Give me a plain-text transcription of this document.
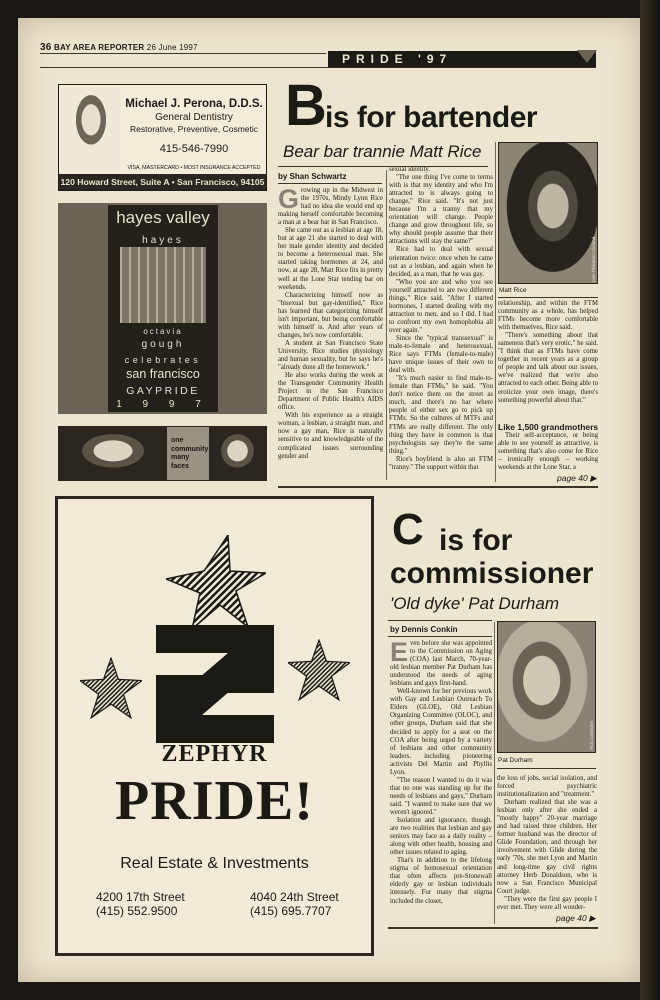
36 BAY AREA REPORTER 26 June 1997
PRIDE '97
Michael J. Perona, D.D.S.
General Dentistry
Restorative, Preventive, Cosmetic
415-546-7990
VISA, MASTERCARD • MOST INSURANCE ACCEPTED
120 Howard Street, Suite A • San Francisco, 94105
hayes valley
hayes
octavia
gough
celebrates
san francisco
GAYPRIDE
1 9 9 7
one
community
many
faces
B
is for bartender
Bear bar trannie Matt Rice
by Shan Schwartz
G rowing up in the Midwest in the 1970s, Mindy Lynn Rice had no idea she would end up making herself comfortable becoming a man at a bear bar in San Francisco.

She came out as a lesbian at age 18, but at age 21 she started to deal with her male gender identity and decided to become a heterosexual man. She started taking hormones at 24, and now, at age 28, Matt Rice fits in pretty well at the Lone Star tending bar on weekends.

Characterizing himself now as "bisexual but gay-identified," Rice has learned that categorizing himself isn't important, but being comfortable with himself is. And after years of changes, he's now comfortable.

A student at San Francisco State University, Rice studies physiology and human sexuality, but he says he's "already done all the homework."

He also works during the week at the Transgender Community Health Project in the San Francisco Department of Public Health's AIDS office.

With his experience as a straight woman, a lesbian, a straight man, and now a gay man, Rice is naturally sensitive to and knowledgeable of the complicated issues surrounding gender and

sexual identity.

"The one thing I've come to terms with is that my identity and who I'm attracted to is always going to change," Rice said. "It's not just because I'm a tranny that my orientation will change. People change and grow throughout life, so why should people assume that their attractions will stay the same?"

Rice had to deal with sexual orientation twice: once when he came out as a lesbian, and again when he decided, as a man, that he was gay.

"Who you are and who you see yourself attracted to are two different things," Rice said. "After I started hormones, I started dealing with my attraction to men, and so I did. I had to confront my own homophobia all over again."

Since the "typical transsexual" is male-to-female and heterosexual, Rice says FTMs (female-to-male) have unique issues of their own to deal with.

"It's much easier to find male-to-female than FTMs," he said. "You don't notice them on the street as much, and there's no bar where people of either sex go to pick up FTMs. So the cultures of MTFs and FTMs are really different. The only thing they have in common is that psychologists say they're the same thing."

Rice's boyfriend is also an FTM "tranny." The support within that

Jane Philomen Cleland
Matt Rice

relationship, and within the FTM community as a whole, has helped FTMs become more comfortable with themselves, Rice said.

"There's something about that sameness that's very erotic," he said. "I think that as FTMs have come together in recent years as a group of people and talk about our issues, we've realized that we're also attracted to each other. Being able to eroticize your own image, there's something powerful about that."

Like 1,500 grandmothers

Their self-acceptance, or being able to see yourself as attractive, is something that's also come for Rice – ironically enough – working weekends at the Lone Star, a

page 40 ▶
ZEPHYR
PRIDE!
Real Estate & Investments
4200 17th Street
(415) 552.9500
4040 24th Street
(415) 695.7707
C is for
commissioner
'Old dyke' Pat Durham
by Dennis Conkin
E ven before she was appointed to the Commission on Aging (COA) last March, 70-year-old lesbian member Pat Durham has understood the needs of aging lesbians and gays first-hand.

Well-known for her previous work with Gay and Lesbian Outreach To Elders (GLOE), Old Lesbian Organizing Committee (OLOC), and other groups, Durham said that she decided to apply for a seat on the COA after being urged by a variety of lesbians and other community leaders, including pioneering activists Del Martin and Phyllis Lyon.

"The reason I wanted to do it was that no one was standing up for the needs of lesbians and gays," Durham said. "I wanted to make sure that we weren't ignored."

Isolation and ignorance, though, are two realities that lesbian and gay seniors may face as a daily reality – along with other health, housing and other issues related to aging.

That's in addition to the lifelong stigma of homosexual orientation that often affects pre-Stonewall elderly gay or lesbian individuals intensely. For many that stigma included the closet,

Rick Gerharter
Pat Durham

the loss of jobs, social isolation, and forced psychiatric institutionalization and "treatment."

Durham realized that she was a lesbian only after she ended a "mostly happy" 20-year marriage and had raised three children. Her former husband was the director of Glide Foundation, and through her involvement with Glide during the early '70s, she met Lyon and Martin and long-time gay civil rights attorney Herb Donaldson, who is now a San Francisco Municipal Court judge.

"They were the first gay people I ever met. They were all wonder-

page 40 ▶
